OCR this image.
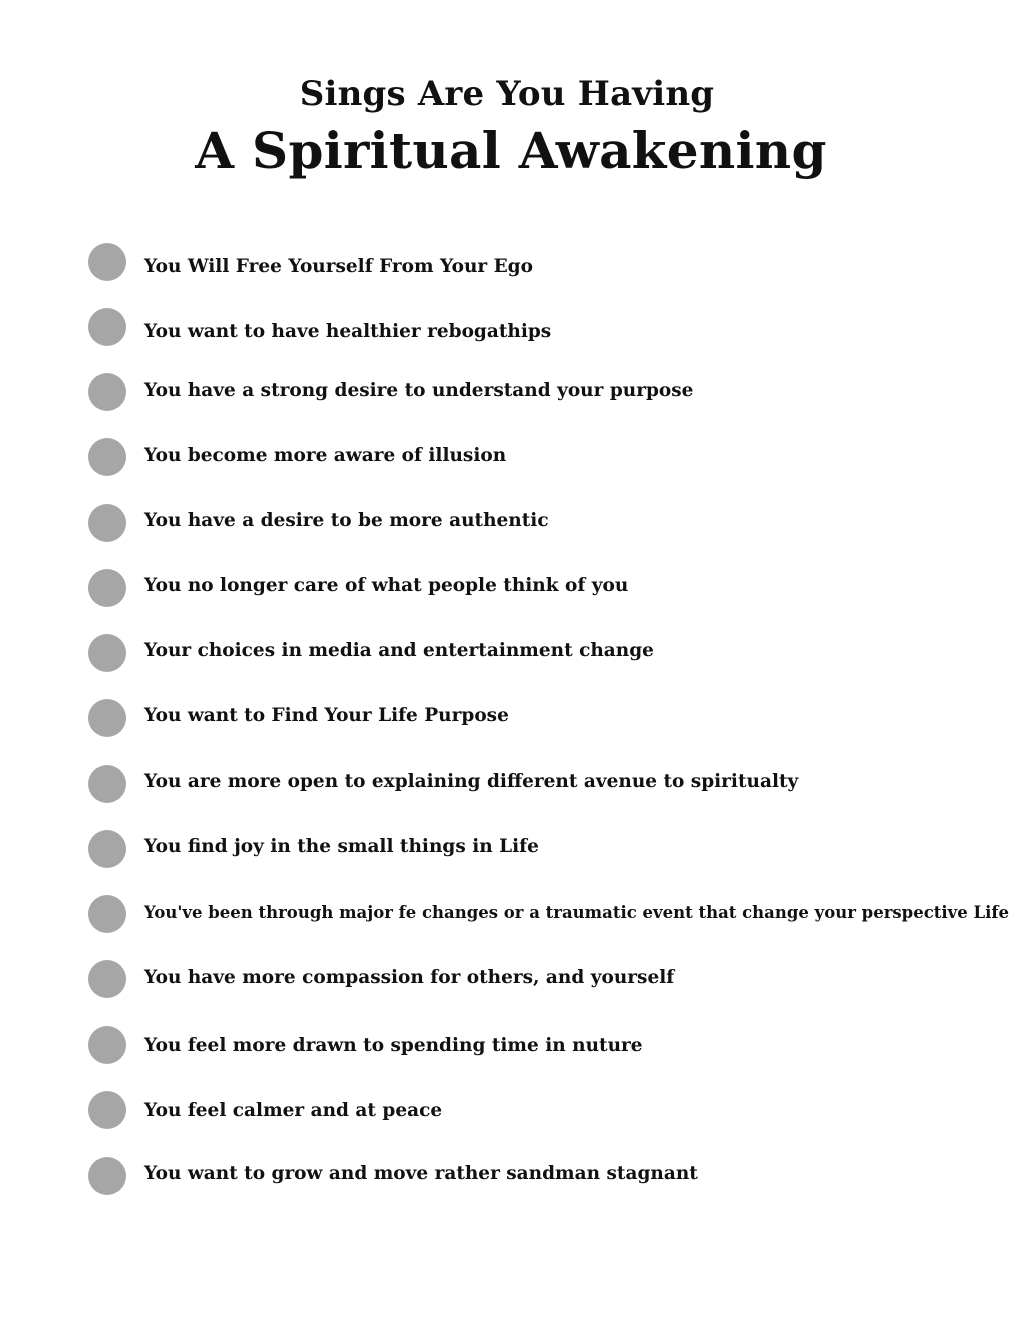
Sings Are You Having
A Spiritual Awakening
You Will Free Yourself From Your Ego
You want to have healthier rebogathips
You have a strong desire to understand your purpose
You become more aware of illusion
You have a desire to be more authentic
You no longer care of what people think of you
Your choices in media and entertainment change
You want to Find Your Life Purpose
You are more open to explaining different avenue to spiritualty
You find joy in the small things in Life
You've been through major fe changes or a traumatic event that change your perspective Life
You have more compassion for others, and yourself
You feel more drawn to spending time in nuture
You feel calmer and at peace
You want to grow and move rather sandman stagnant
